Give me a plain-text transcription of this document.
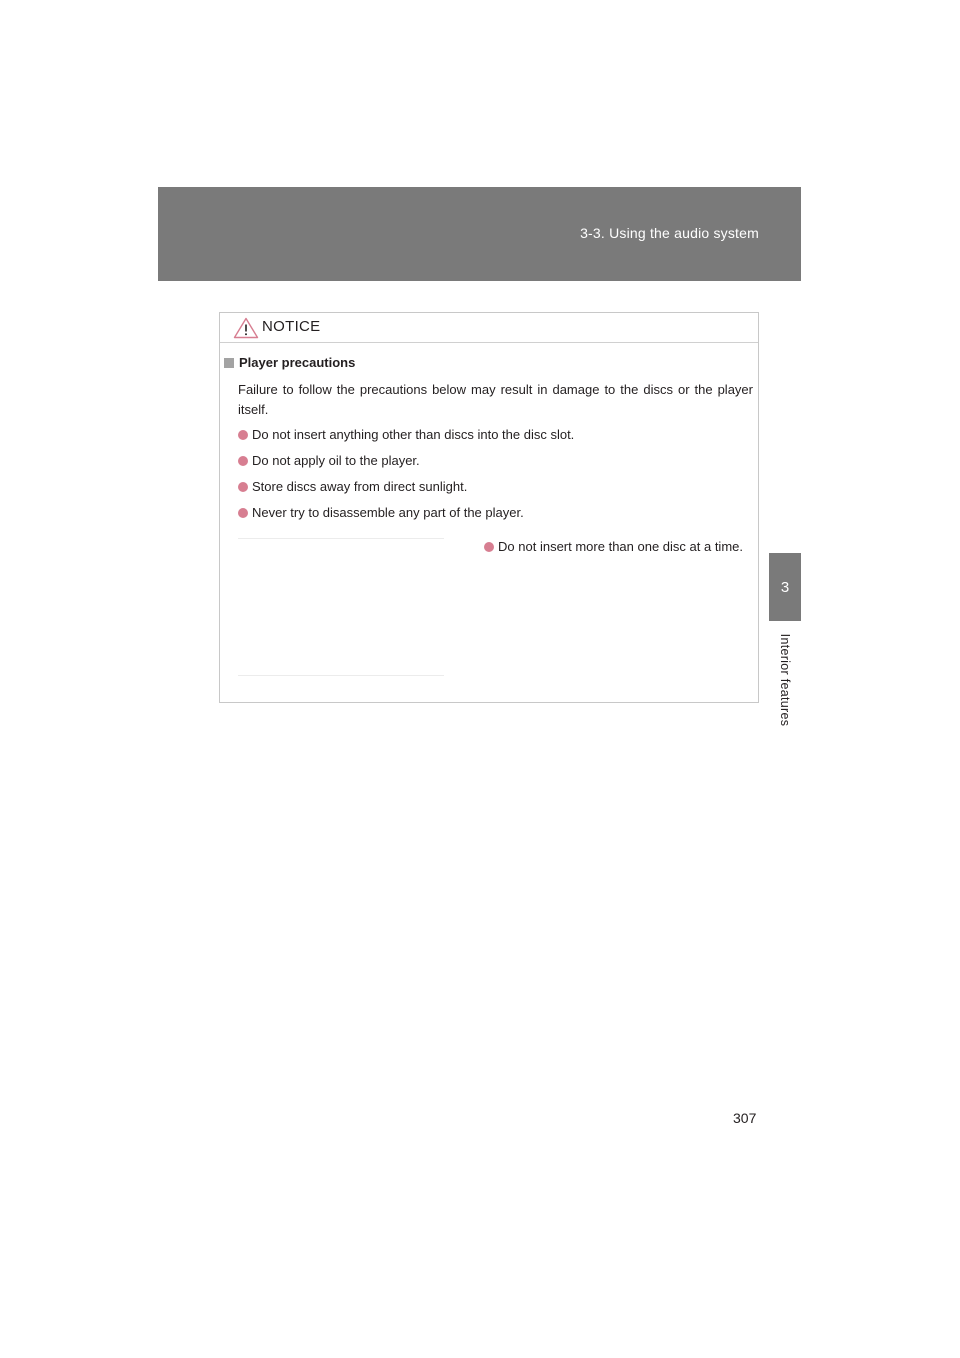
3-3. Using the audio system
3
Interior features
NOTICE
Player precautions
Failure to follow the precautions below may result in damage to the discs or the player itself.
Do not insert anything other than discs into the disc slot.
Do not apply oil to the player.
Store discs away from direct sunlight.
Never try to disassemble any part of the player.
Do not insert more than one disc at a time.
307
